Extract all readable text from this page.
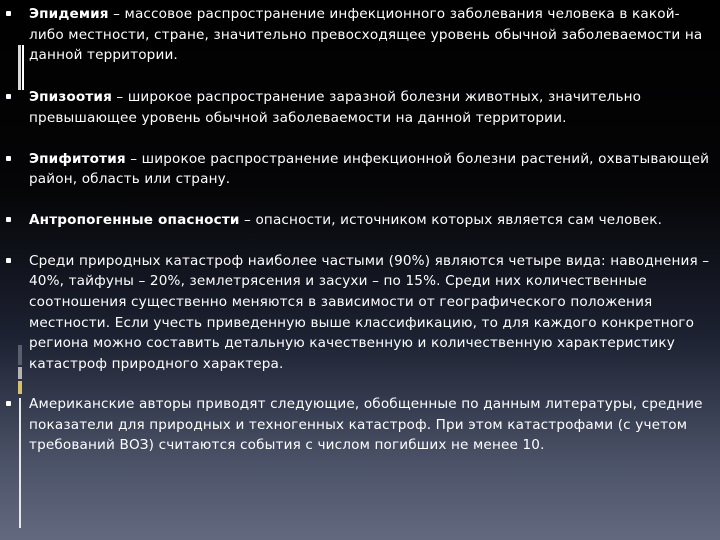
Эпидемия – массовое распространение инфекционного заболевания человека в какой-либо местности, стране, значительно превосходящее уровень обычной заболеваемости на данной территории.
Эпизоотия – широкое распространение заразной болезни животных, значительно превышающее уровень обычной заболеваемости на данной территории.
Эпифитотия – широкое распространение инфекционной болезни растений, охватывающей район, область или страну.
Антропогенные опасности – опасности, источником которых является сам человек.
Среди природных катастроф наиболее частыми (90%) являются четыре вида: наводнения – 40%, тайфуны – 20%, землетрясения и засухи – по 15%. Среди них количественные соотношения существенно меняются в зависимости от географического положения местности. Если учесть приведенную выше классификацию, то для каждого конкретного региона можно составить детальную качественную и количественную характеристику катастроф природного характера.
Американские авторы приводят следующие, обобщенные по данным литературы, средние показатели для природных и техногенных катастроф. При этом катастрофами (с учетом требований ВОЗ) считаются события с числом погибших не менее 10.
